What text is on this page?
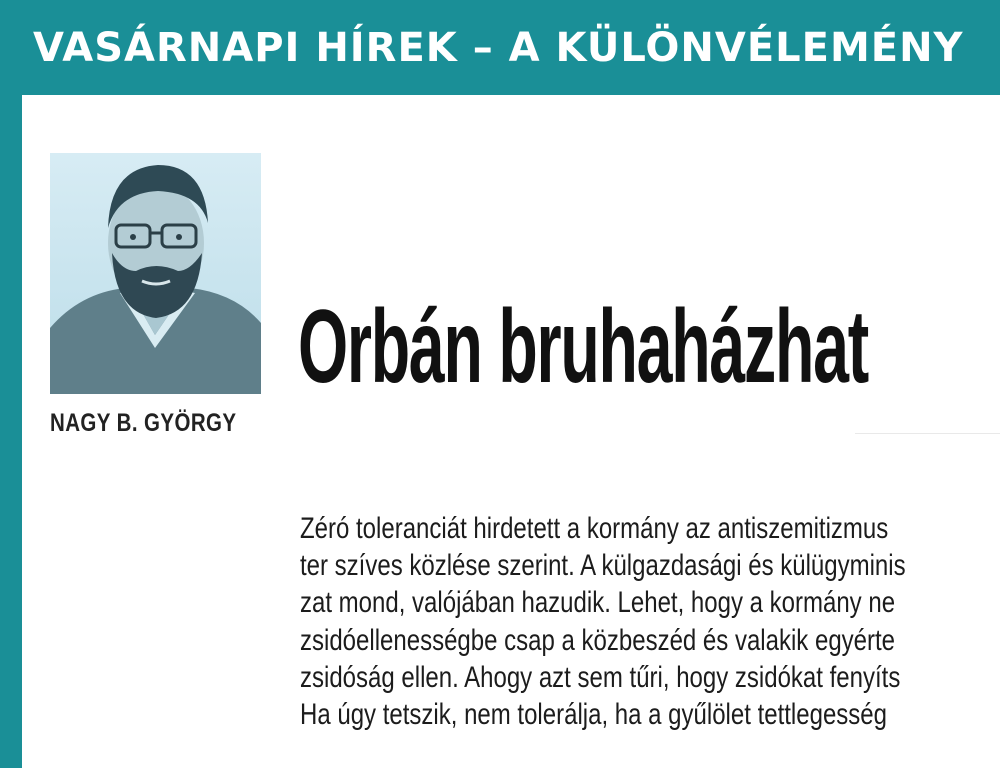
VASÁRNAPI HÍREK – A KÜLÖNVÉLEMÉNY
NAGY B. GYÖRGY
Orbán bruhaházhat
Zéró toleranciát hirdetett a kormány az antiszemitizmus
ter szíves közlése szerint. A külgazdasági és külügyminis
zat mond, valójában hazudik. Lehet, hogy a kormány ne
zsidóellenességbe csap a közbeszéd és valakik egyérte
zsidóság ellen. Ahogy azt sem tűri, hogy zsidókat fenyíts
Ha úgy tetszik, nem tolerálja, ha a gyűlölet tettlegesség
